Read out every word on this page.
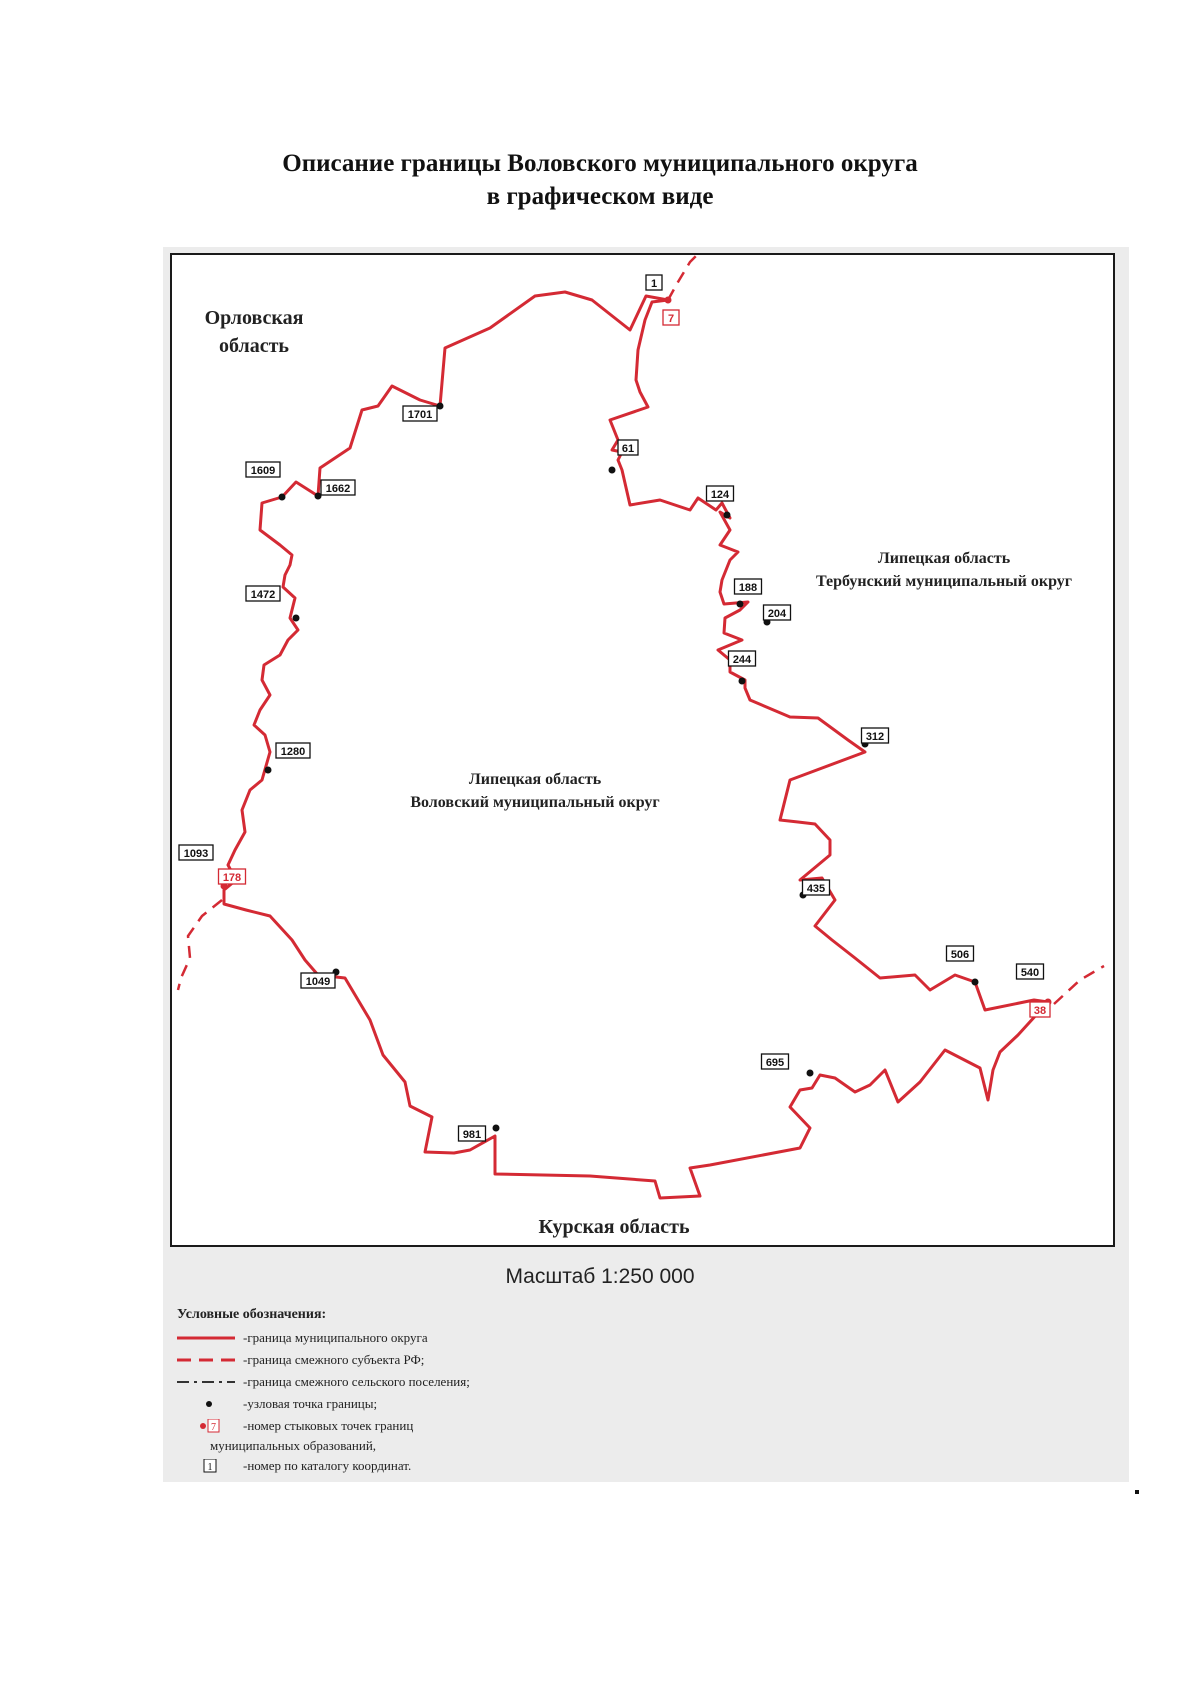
Описание границы Воловского муниципального округа
в графическом виде
1
1701
61
1609
1662	124
1472
188
204
244
312
1280
435
1093
506
540
1049
695
981
7
178
38
Орловская
область
Липецкая область
Тербунский муниципальный округ
Липецкая область
Воловский муниципальный округ
Курская область
Масштаб 1:250 000
Условные обозначения:
-граница муниципального округа
-граница смежного субъекта РФ;
-граница смежного сельского поселения;
-узловая точка границы;
7 -номер стыковых точек границ
муниципальных образований,
1 -номер по каталогу координат.
